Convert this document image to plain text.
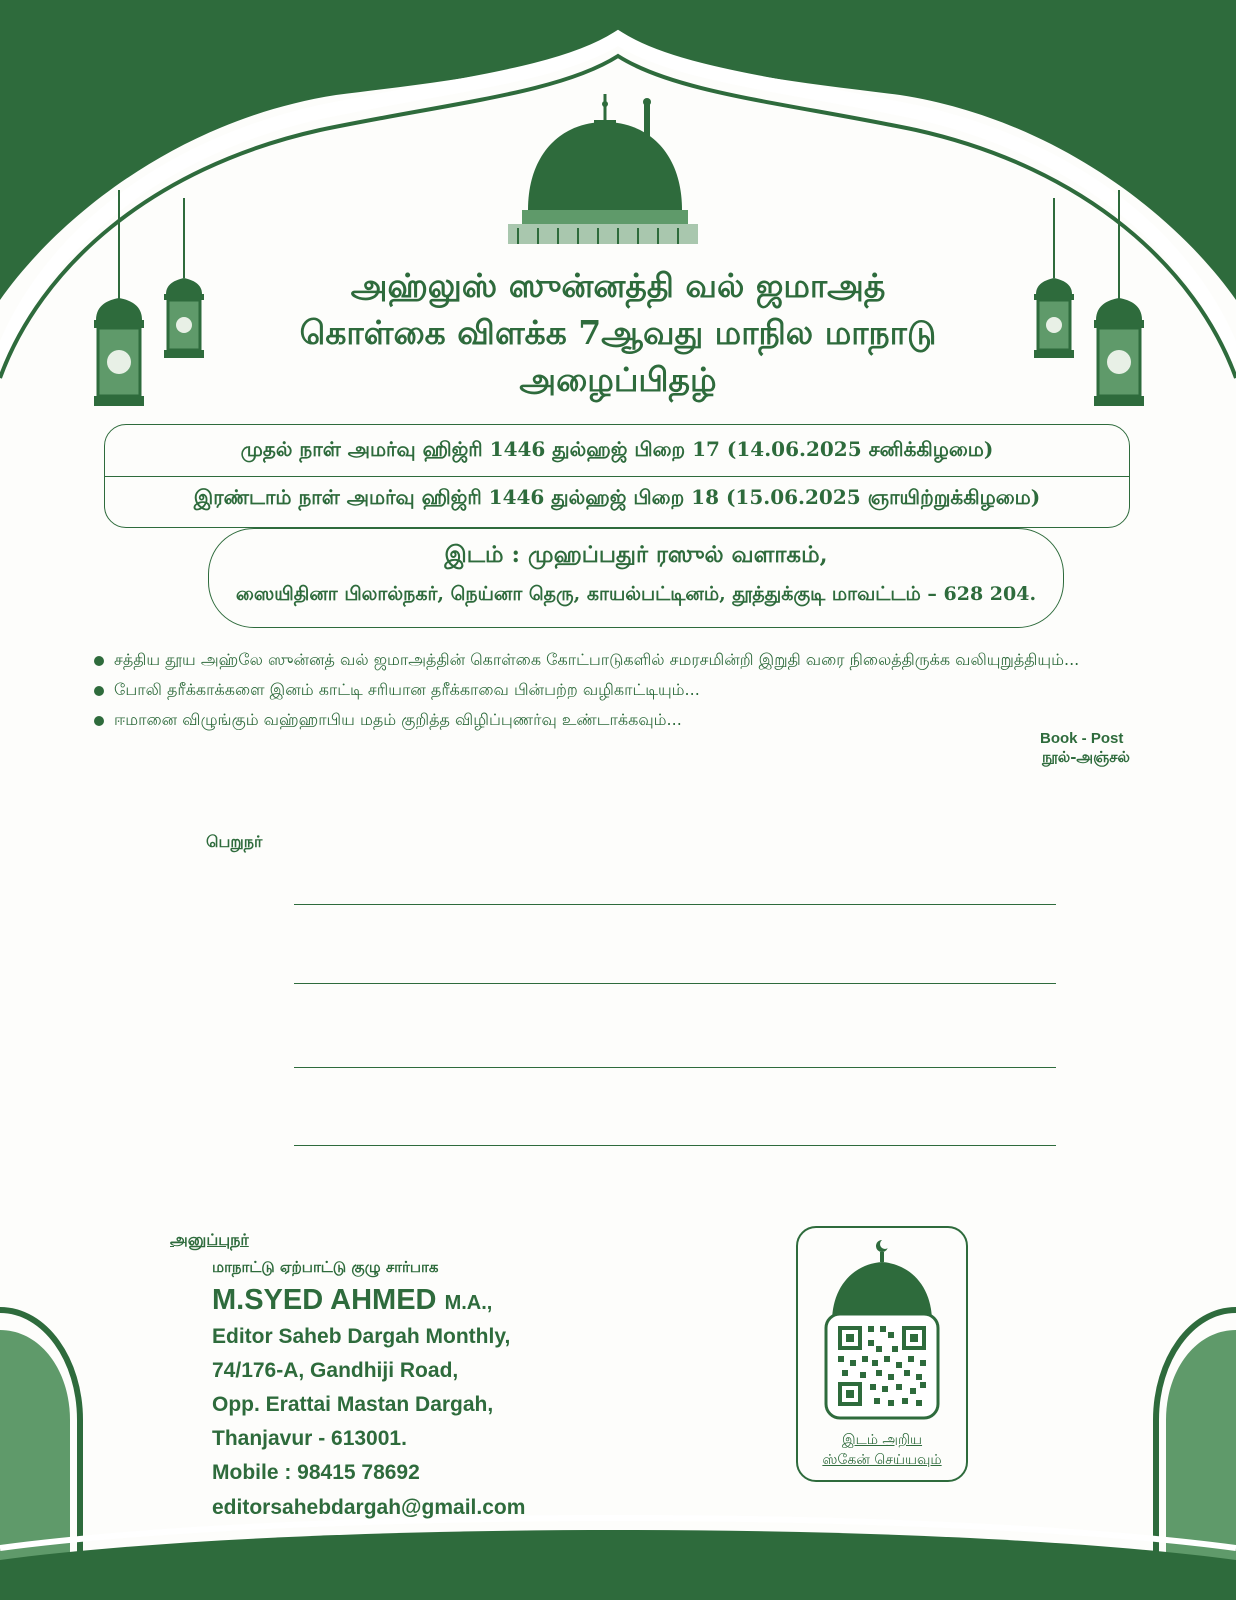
அஹ்லுஸ் ஸுன்னத்தி வல் ஜமாஅத்
கொள்கை விளக்க 7ஆவது மாநில மாநாடு
அழைப்பிதழ்
முதல் நாள் அமர்வு ஹிஜ்ரி 1446 துல்ஹஜ் பிறை 17 (14.06.2025 சனிக்கிழமை)
இரண்டாம் நாள் அமர்வு ஹிஜ்ரி 1446 துல்ஹஜ் பிறை 18 (15.06.2025 ஞாயிற்றுக்கிழமை)
இடம் : முஹப்பதுர் ரஸுல் வளாகம்,
ஸையிதினா பிலால்நகர், நெய்னா தெரு, காயல்பட்டினம், தூத்துக்குடி மாவட்டம் – 628 204.
சத்திய தூய அஹ்லே ஸுன்னத் வல் ஜமாஅத்தின் கொள்கை கோட்பாடுகளில் சமரசமின்றி இறுதி வரை நிலைத்திருக்க வலியுறுத்தியும்...
போலி தரீக்காக்களை இனம் காட்டி சரியான தரீக்காவை பின்பற்ற வழிகாட்டியும்...
ஈமானை விழுங்கும் வஹ்ஹாபிய மதம் குறித்த விழிப்புணர்வு உண்டாக்கவும்...
Book - Post
நூல்-அஞ்சல்
பெறுநர்
அனுப்புநர்
மாநாட்டு ஏற்பாட்டு குழு சார்பாக
M.SYED AHMED M.A.,
Editor Saheb Dargah Monthly,
74/176-A, Gandhiji Road,
Opp. Erattai Mastan Dargah,
Thanjavur - 613001.
Mobile : 98415 78692
editorsahebdargah@gmail.com
இடம் அறிய
ஸ்கேன் செய்யவும்
